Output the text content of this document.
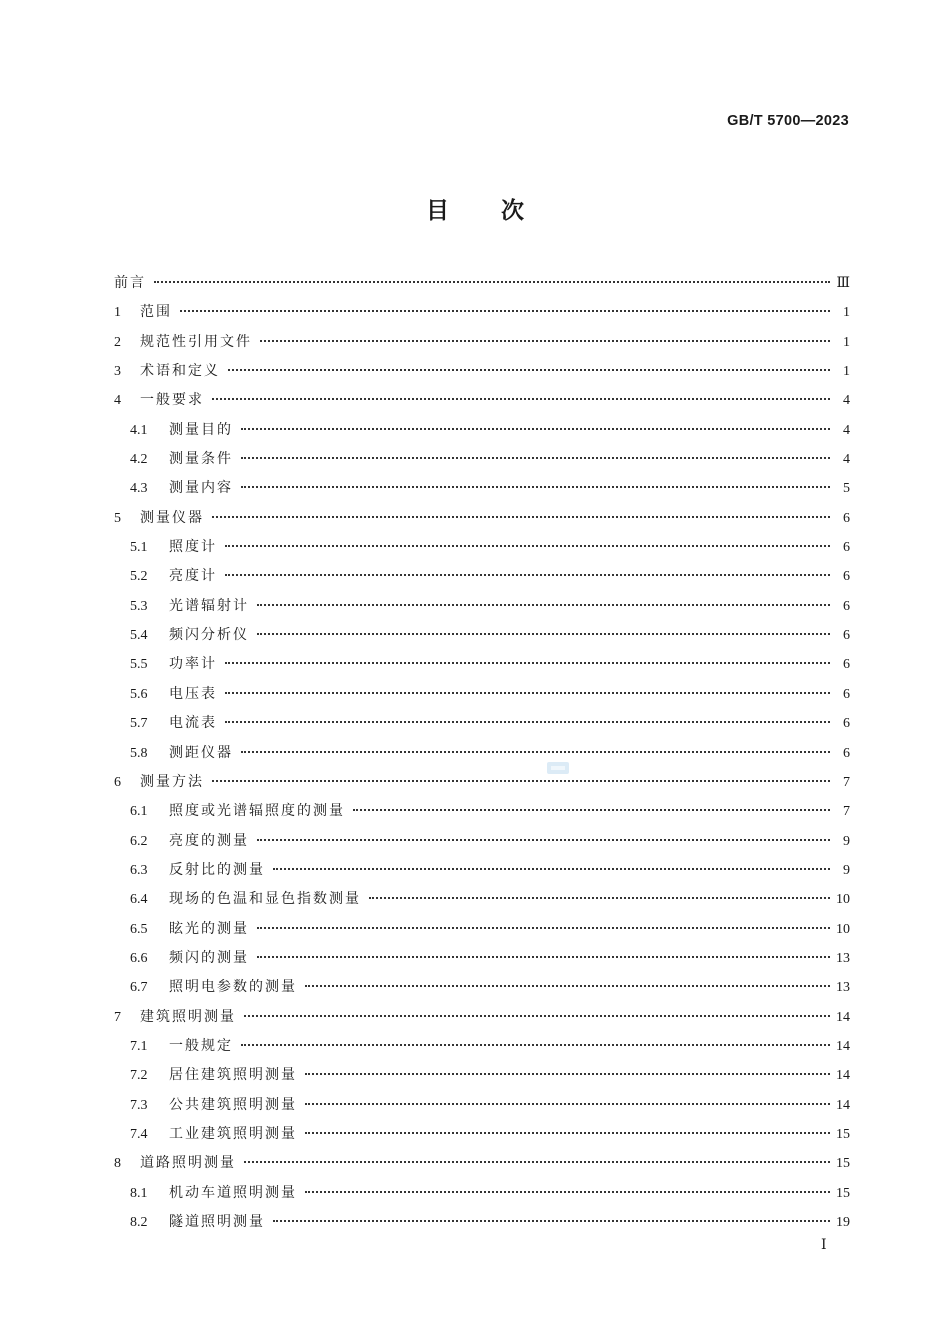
GB/T 5700—2023
目次
前言	Ⅲ
1	范围	1
2	规范性引用文件	1
3	术语和定义	1
4	一般要求	4
4.1	测量目的	4
4.2	测量条件	4
4.3	测量内容	5
5	测量仪器	6
5.1	照度计	6
5.2	亮度计	6
5.3	光谱辐射计	6
5.4	频闪分析仪	6
5.5	功率计	6
5.6	电压表	6
5.7	电流表	6
5.8	测距仪器	6
6	测量方法	7
6.1	照度或光谱辐照度的测量	7
6.2	亮度的测量	9
6.3	反射比的测量	9
6.4	现场的色温和显色指数测量	10
6.5	眩光的测量	10
6.6	频闪的测量	13
6.7	照明电参数的测量	13
7	建筑照明测量	14
7.1	一般规定	14
7.2	居住建筑照明测量	14
7.3	公共建筑照明测量	14
7.4	工业建筑照明测量	15
8	道路照明测量	15
8.1	机动车道照明测量	15
8.2	隧道照明测量	19
Ⅰ
